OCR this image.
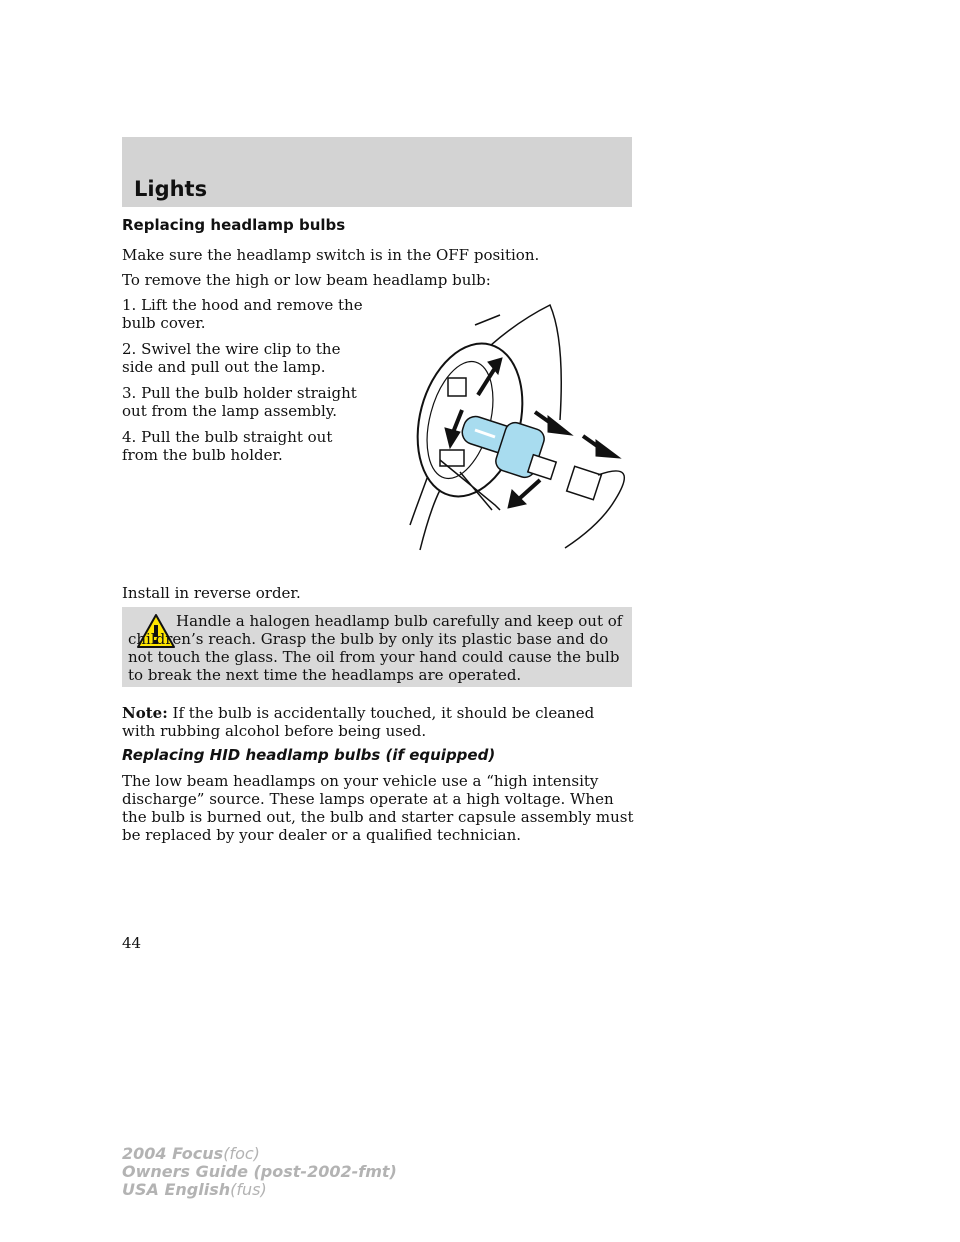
Lights
Replacing headlamp bulbs
Make sure the headlamp switch is in the OFF position.
To remove the high or low beam headlamp bulb:
1. Lift the hood and remove the bulb cover.
2. Swivel the wire clip to the side and pull out the lamp.
3. Pull the bulb holder straight out from the lamp assembly.
4. Pull the bulb straight out from the bulb holder.
Install in reverse order.
Handle a halogen headlamp bulb carefully and keep out of children’s reach. Grasp the bulb by only its plastic base and do not touch the glass. The oil from your hand could cause the bulb to break the next time the headlamps are operated.
Note: If the bulb is accidentally touched, it should be cleaned with rubbing alcohol before being used.
Replacing HID headlamp bulbs (if equipped)
The low beam headlamps on your vehicle use a “high intensity discharge” source. These lamps operate at a high voltage. When the bulb is burned out, the bulb and starter capsule assembly must be replaced by your dealer or a qualified technician.
44
2004 Focus(foc)
Owners Guide (post-2002-fmt)
USA English(fus)
